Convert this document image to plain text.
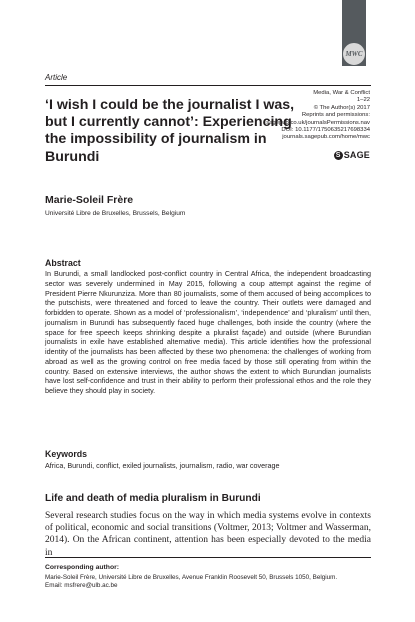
MWC
Article
‘I wish I could be the journalist I was, but I currently cannot’: Experiencing the impossibility of journalism in Burundi
Media, War & Conflict
1–22
© The Author(s) 2017
Reprints and permissions:
sagepub.co.uk/journalsPermissions.nav
DOI: 10.1177/1750635217698334
journals.sagepub.com/home/mwc
S SAGE
Marie-Soleil Frère
Université Libre de Bruxelles, Brussels, Belgium
Abstract
In Burundi, a small landlocked post-conflict country in Central Africa, the independent broadcasting sector was severely undermined in May 2015, following a coup attempt against the regime of President Pierre Nkurunziza. More than 80 journalists, some of them accused of being accomplices to the putschists, were threatened and forced to leave the country. Their outlets were damaged and forbidden to operate. Shown as a model of ‘professionalism’, ‘independence’ and ‘pluralism’ until then, journalism in Burundi has subsequently faced huge challenges, both inside the country (where the space for free speech keeps shrinking despite a pluralist façade) and outside (where Burundian journalists in exile have established alternative media). This article identifies how the professional identity of the journalists has been affected by these two phenomena: the challenges of working from abroad as well as the growing control on free media faced by those still operating from within the country. Based on extensive interviews, the author shows the extent to which Burundian journalists have lost self-confidence and trust in their ability to perform their professional ethos and the role they believe they should play in society.
Keywords
Africa, Burundi, conflict, exiled journalists, journalism, radio, war coverage
Life and death of media pluralism in Burundi
Several research studies focus on the way in which media systems evolve in contexts of political, economic and social transitions (Voltmer, 2013; Voltmer and Wasserman, 2014). On the African continent, attention has been especially devoted to the media in
Corresponding author:
Marie-Soleil Frère, Université Libre de Bruxelles, Avenue Franklin Roosevelt 50, Brussels 1050, Belgium.
Email: msfrere@ulb.ac.be
